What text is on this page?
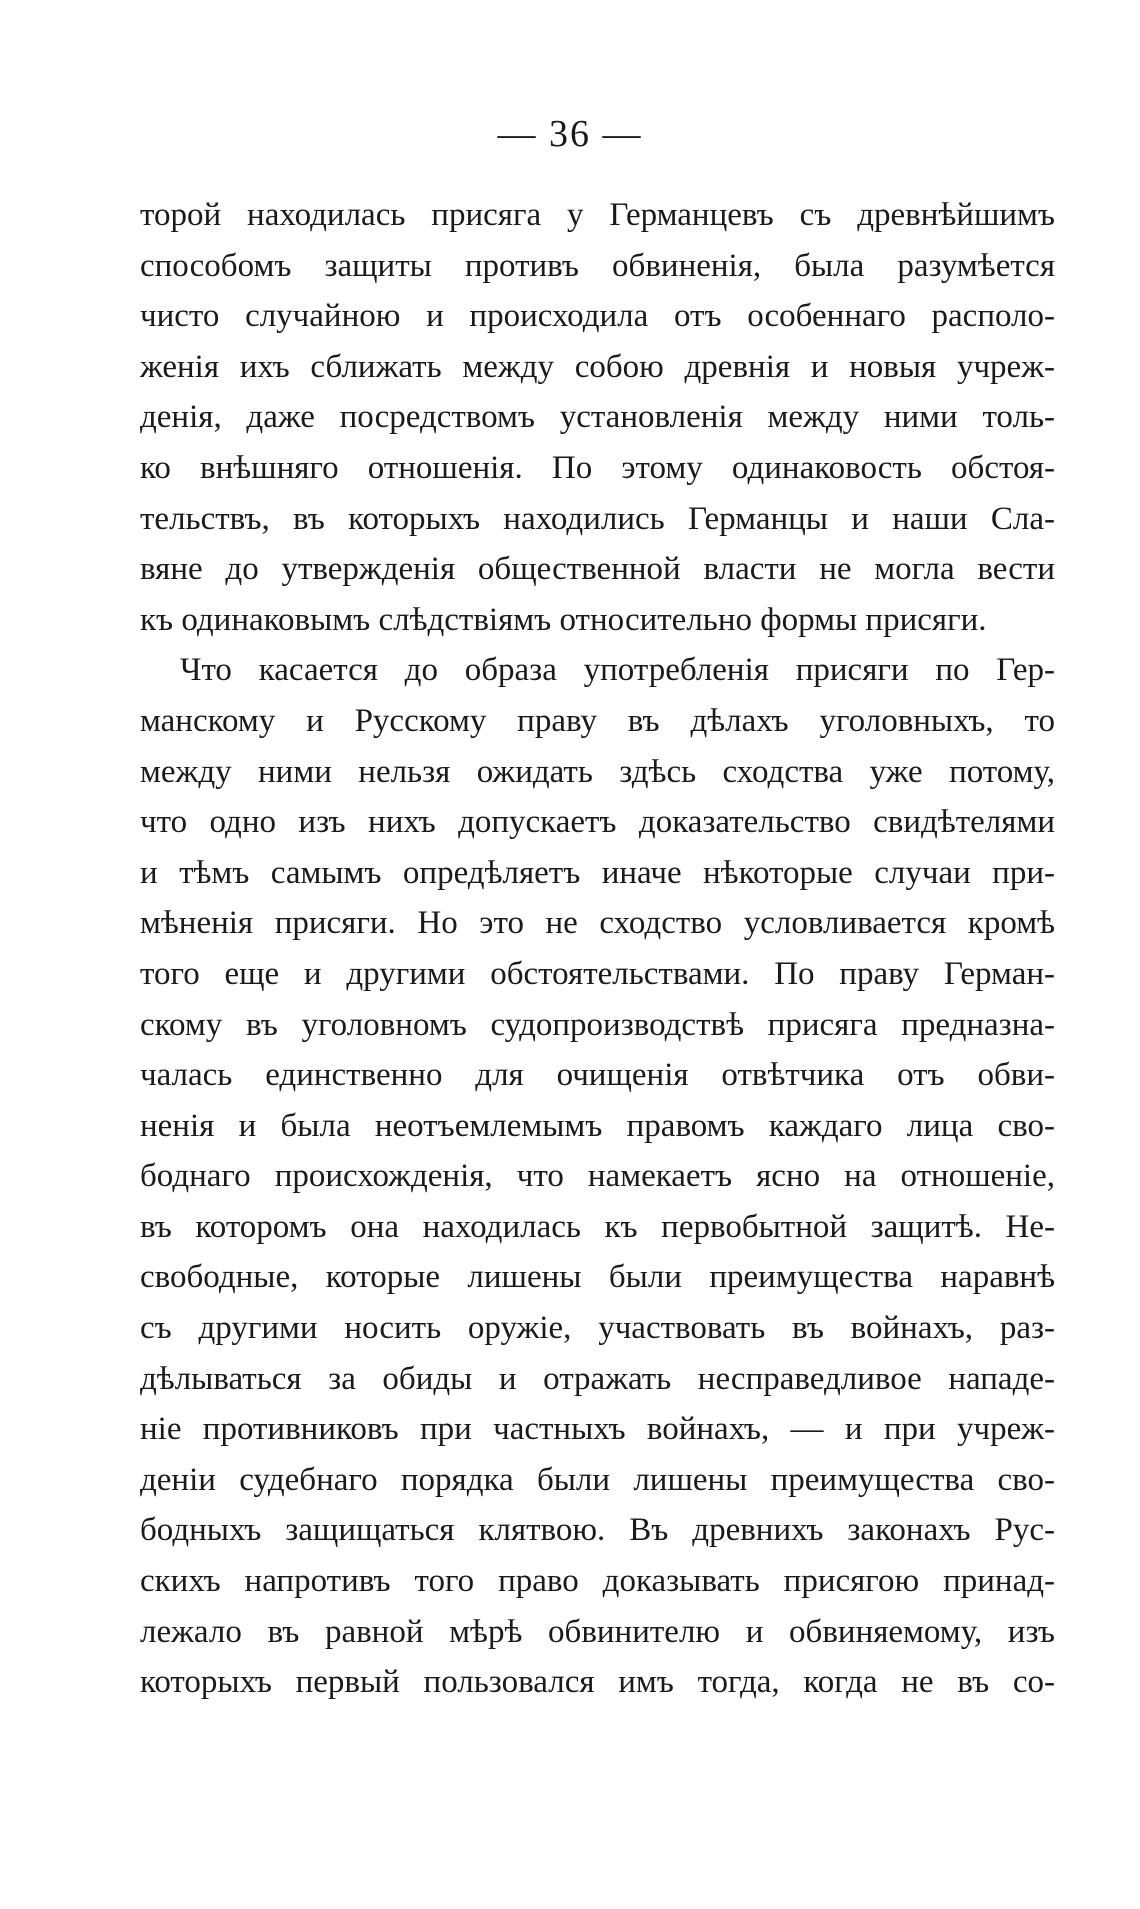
— 36 —
торой находилась присяга у Германцевъ съ древнѣйшимъ
способомъ защиты противъ обвиненія, была разумѣется
чисто случайною и происходила отъ особеннаго располо-
женія ихъ сближать между собою древнія и новыя учреж-
денія, даже посредствомъ установленія между ними толь-
ко внѣшняго отношенія. По этому одинаковость обстоя-
тельствъ, въ которыхъ находились Германцы и наши Сла-
вяне до утвержденія общественной власти не могла вести
къ одинаковымъ слѣдствіямъ относительно формы присяги.
Что касается до образа употребленія присяги по Гер-
манскому и Русскому праву въ дѣлахъ уголовныхъ, то
между ними нельзя ожидать здѣсь сходства уже потому,
что одно изъ нихъ допускаетъ доказательство свидѣтелями
и тѣмъ самымъ опредѣляетъ иначе нѣкоторые случаи при-
мѣненія присяги. Но это не сходство условливается кромѣ
того еще и другими обстоятельствами. По праву Герман-
скому въ уголовномъ судопроизводствѣ присяга предназна-
чалась единственно для очищенія отвѣтчика отъ обви-
ненія и была неотъемлемымъ правомъ каждаго лица сво-
боднаго происхожденія, что намекаетъ ясно на отношеніе,
въ которомъ она находилась къ первобытной защитѣ. Не-
свободные, которые лишены были преимущества наравнѣ
съ другими носить оружіе, участвовать въ войнахъ, раз-
дѣлываться за обиды и отражать несправедливое нападе-
ніе противниковъ при частныхъ войнахъ, — и при учреж-
деніи судебнаго порядка были лишены преимущества сво-
бодныхъ защищаться клятвою. Въ древнихъ законахъ Рус-
скихъ напротивъ того право доказывать присягою принад-
лежало въ равной мѣрѣ обвинителю и обвиняемому, изъ
которыхъ первый пользовался имъ тогда, когда не въ со-
